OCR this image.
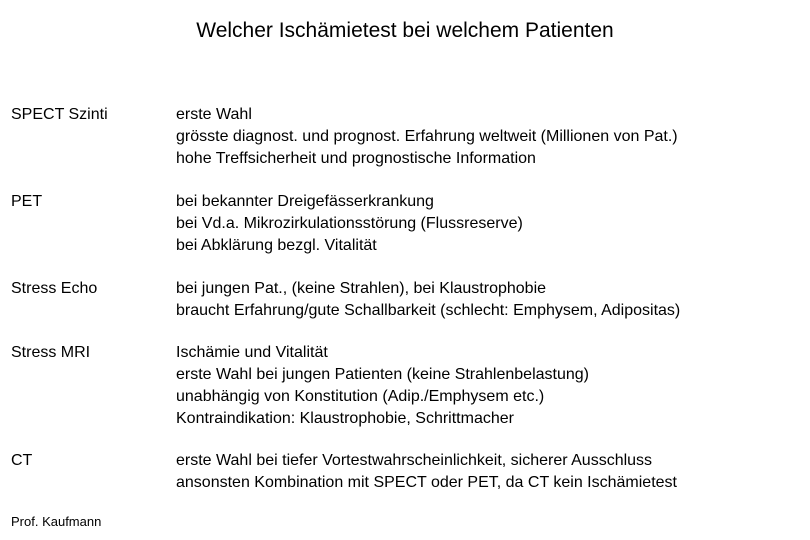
Welcher Ischämietest bei welchem Patienten
SPECT Szinti	erste Wahl
grösste diagnost. und prognost. Erfahrung weltweit (Millionen von Pat.)
hohe Treffsicherheit und prognostische Information
PET	bei bekannter Dreigefässerkrankung
bei Vd.a. Mikrozirkulationsstörung (Flussreserve)
bei Abklärung bezgl. Vitalität
Stress Echo	bei jungen Pat., (keine Strahlen), bei Klaustrophobie
braucht Erfahrung/gute Schallbarkeit (schlecht: Emphysem, Adipositas)
Stress MRI	Ischämie und Vitalität
erste Wahl bei jungen Patienten (keine Strahlenbelastung)
unabhängig von Konstitution (Adip./Emphysem etc.)
Kontraindikation: Klaustrophobie, Schrittmacher
CT	erste Wahl bei tiefer Vortestwahrscheinlichkeit, sicherer Ausschluss
ansonsten Kombination mit SPECT oder PET, da CT kein Ischämietest
Prof. Kaufmann
